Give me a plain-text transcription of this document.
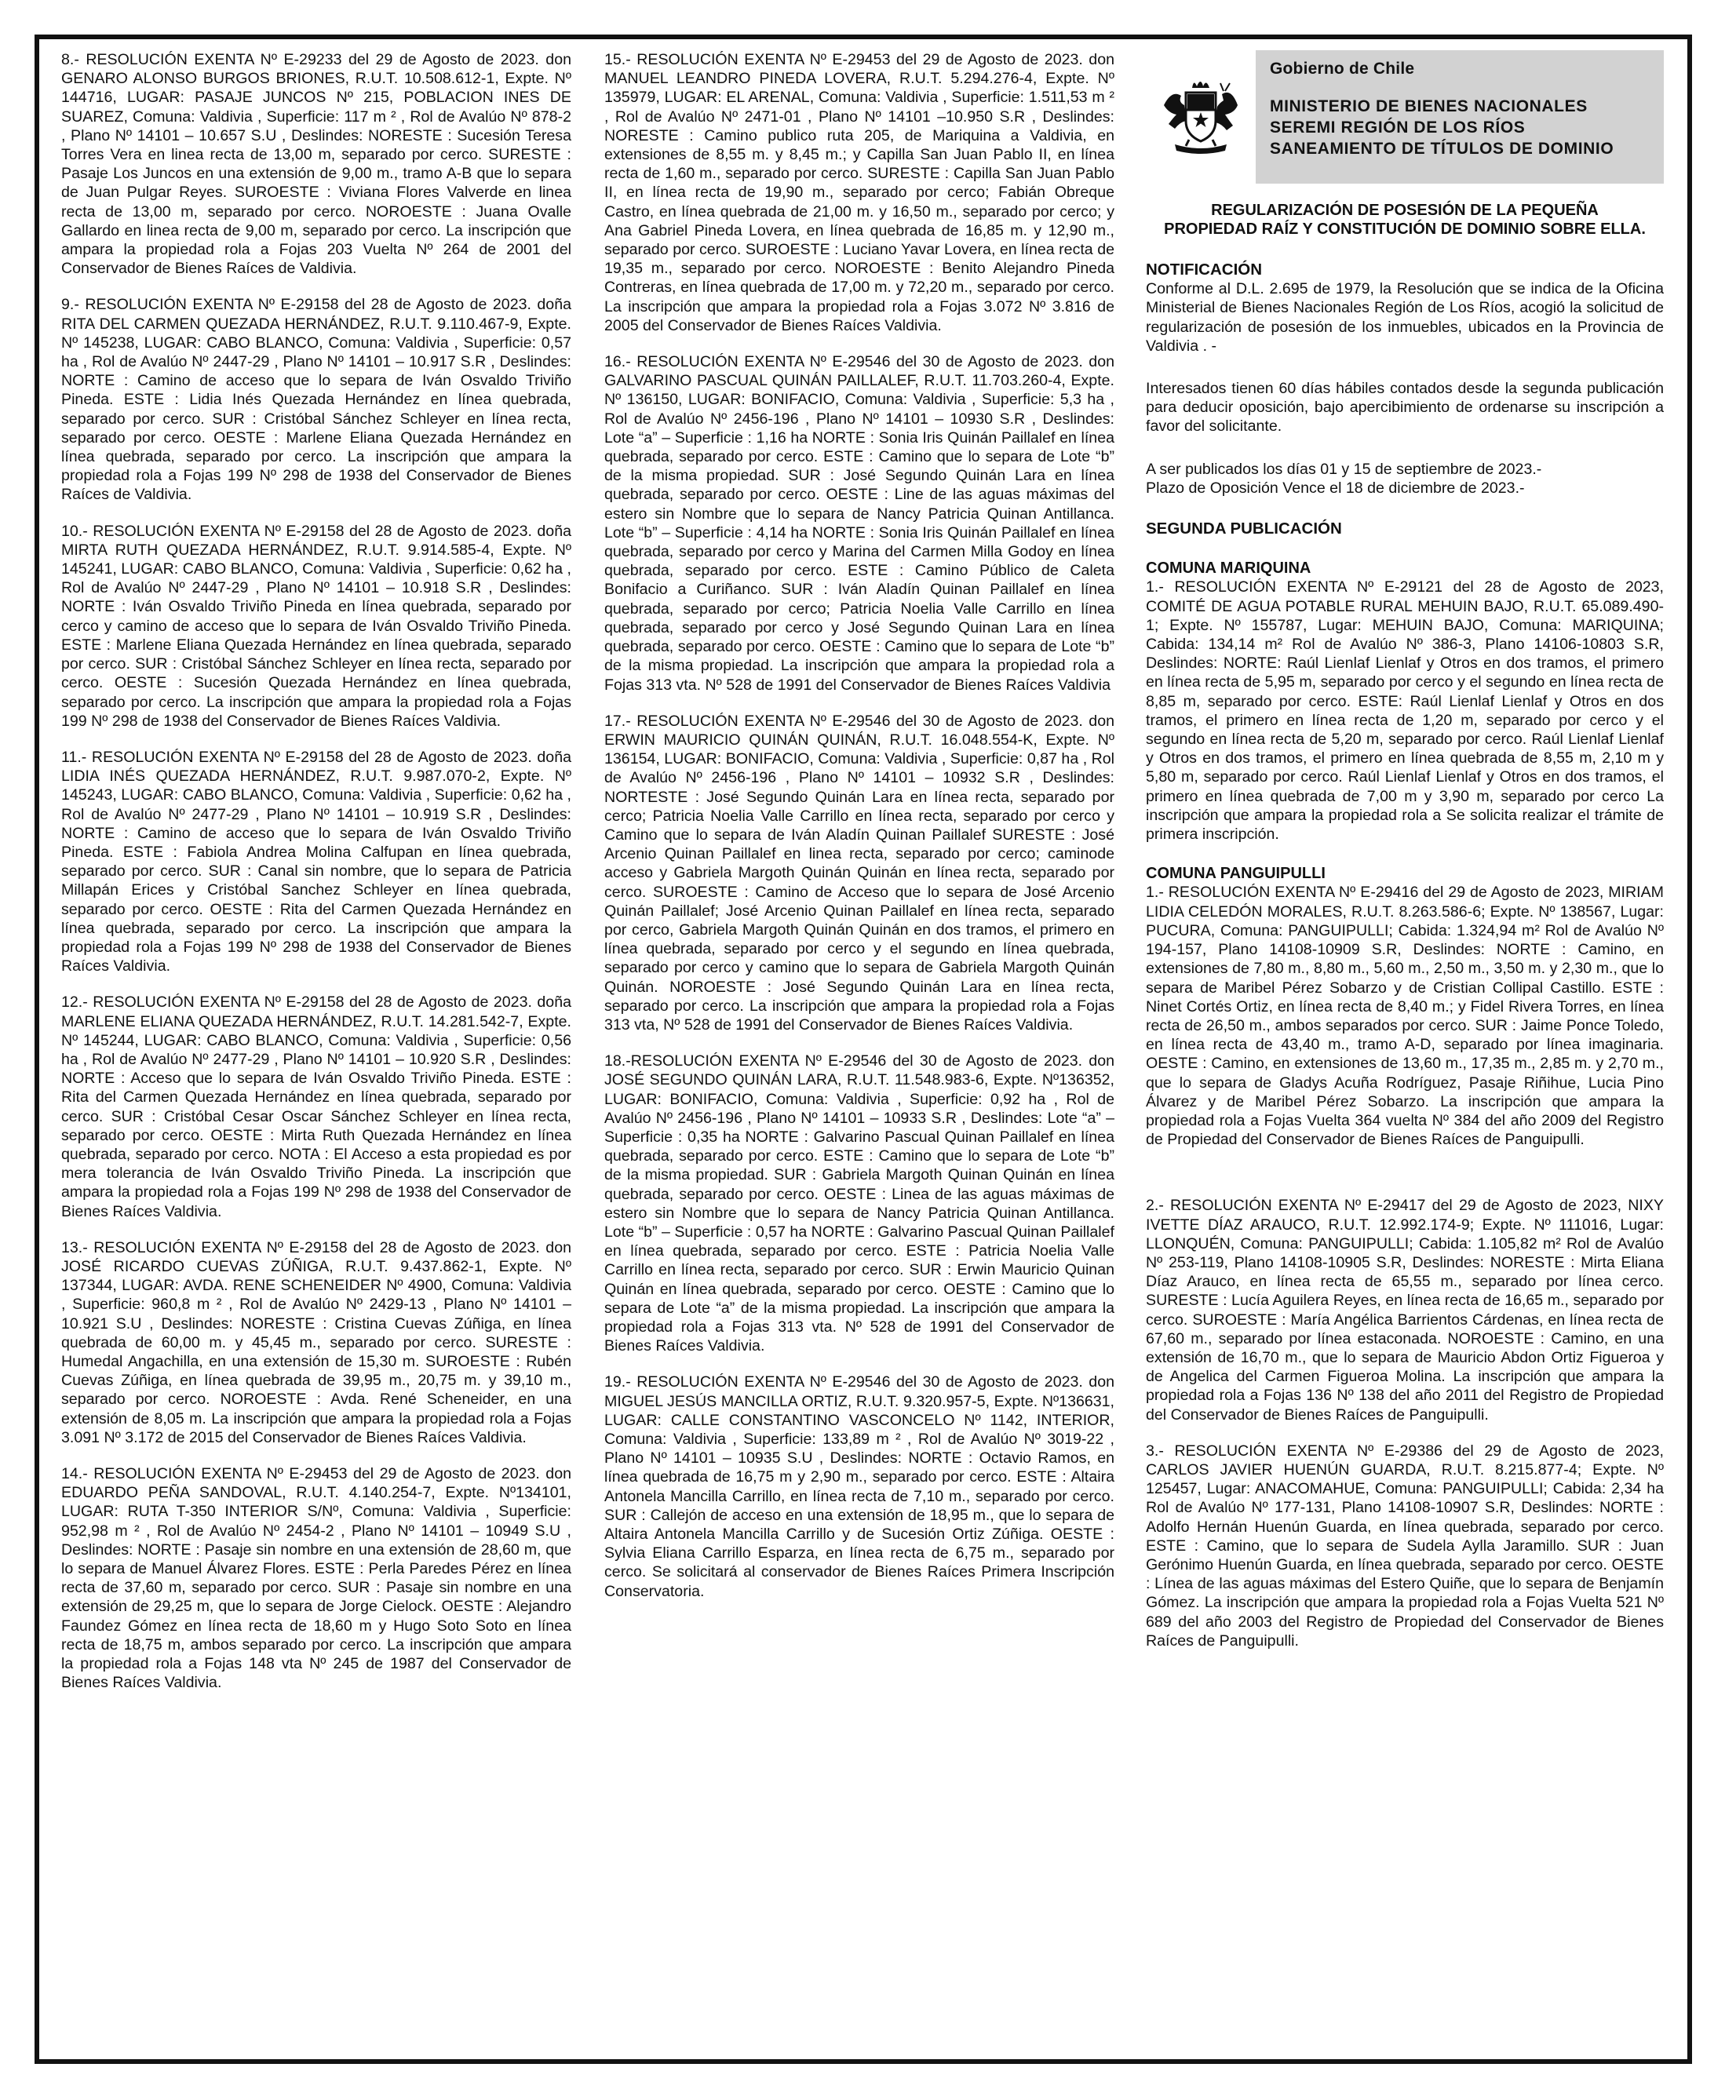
8.- RESOLUCIÓN EXENTA Nº E-29233 del 29 de Agosto de 2023. don GENARO ALONSO BURGOS BRIONES, R.U.T. 10.508.612-1, Expte. Nº 144716, LUGAR: PASAJE JUNCOS Nº 215, POBLACION INES DE SUAREZ, Comuna: Valdivia , Superficie: 117 m ² , Rol de Avalúo Nº 878-2 , Plano Nº 14101 – 10.657 S.U , Deslindes: NORESTE : Sucesión Teresa Torres Vera en linea recta de 13,00 m, separado por cerco. SURESTE : Pasaje Los Juncos en una extensión de 9,00 m., tramo A-B que lo separa de Juan Pulgar Reyes. SUROESTE : Viviana Flores Valverde en linea recta de 13,00 m, separado por cerco. NOROESTE : Juana Ovalle Gallardo en linea recta de 9,00 m, separado por cerco. La inscripción que ampara la propiedad rola a Fojas 203 Vuelta Nº 264 de 2001 del Conservador de Bienes Raíces de Valdivia.

9.- RESOLUCIÓN EXENTA Nº E-29158 del 28 de Agosto de 2023. doña RITA DEL CARMEN QUEZADA HERNÁNDEZ, R.U.T. 9.110.467-9, Expte. Nº 145238, LUGAR: CABO BLANCO, Comuna: Valdivia , Superficie: 0,57 ha , Rol de Avalúo Nº 2447-29 , Plano Nº 14101 – 10.917 S.R , Deslindes: NORTE : Camino de acceso que lo separa de Iván Osvaldo Triviño Pineda. ESTE : Lidia Inés Quezada Hernández en línea quebrada, separado por cerco. SUR : Cristóbal Sánchez Schleyer en línea recta, separado por cerco. OESTE : Marlene Eliana Quezada Hernández en línea quebrada, separado por cerco. La inscripción que ampara la propiedad rola a Fojas 199 Nº 298 de 1938 del Conservador de Bienes Raíces de Valdivia.

10.- RESOLUCIÓN EXENTA Nº E-29158 del 28 de Agosto de 2023. doña MIRTA RUTH QUEZADA HERNÁNDEZ, R.U.T. 9.914.585-4, Expte. Nº 145241, LUGAR: CABO BLANCO, Comuna: Valdivia , Superficie: 0,62 ha , Rol de Avalúo Nº 2447-29 , Plano Nº 14101 – 10.918 S.R , Deslindes: NORTE : Iván Osvaldo Triviño Pineda en línea quebrada, separado por cerco y camino de acceso que lo separa de Iván Osvaldo Triviño Pineda. ESTE : Marlene Eliana Quezada Hernández en línea quebrada, separado por cerco. SUR : Cristóbal Sánchez Schleyer en línea recta, separado por cerco. OESTE : Sucesión Quezada Hernández en línea quebrada, separado por cerco. La inscripción que ampara la propiedad rola a Fojas 199 Nº 298 de 1938 del Conservador de Bienes Raíces Valdivia.

11.- RESOLUCIÓN EXENTA Nº E-29158 del 28 de Agosto de 2023. doña LIDIA INÉS QUEZADA HERNÁNDEZ, R.U.T. 9.987.070-2, Expte. Nº 145243, LUGAR: CABO BLANCO, Comuna: Valdivia , Superficie: 0,62 ha , Rol de Avalúo Nº 2477-29 , Plano Nº 14101 – 10.919 S.R , Deslindes: NORTE : Camino de acceso que lo separa de Iván Osvaldo Triviño Pineda. ESTE : Fabiola Andrea Molina Calfupan en línea quebrada, separado por cerco. SUR : Canal sin nombre, que lo separa de Patricia Millapán Erices y Cristóbal Sanchez Schleyer en línea quebrada, separado por cerco. OESTE : Rita del Carmen Quezada Hernández en línea quebrada, separado por cerco. La inscripción que ampara la propiedad rola a Fojas 199 Nº 298 de 1938 del Conservador de Bienes Raíces Valdivia.

12.- RESOLUCIÓN EXENTA Nº E-29158 del 28 de Agosto de 2023. doña MARLENE ELIANA QUEZADA HERNÁNDEZ, R.U.T. 14.281.542-7, Expte. Nº 145244, LUGAR: CABO BLANCO, Comuna: Valdivia , Superficie: 0,56 ha , Rol de Avalúo Nº 2477-29 , Plano Nº 14101 – 10.920 S.R , Deslindes: NORTE : Acceso que lo separa de Iván Osvaldo Triviño Pineda. ESTE : Rita del Carmen Quezada Hernández en línea quebrada, separado por cerco. SUR : Cristóbal Cesar Oscar Sánchez Schleyer en línea recta, separado por cerco. OESTE : Mirta Ruth Quezada Hernández en línea quebrada, separado por cerco. NOTA : El Acceso a esta propiedad es por mera tolerancia de Iván Osvaldo Triviño Pineda. La inscripción que ampara la propiedad rola a Fojas 199 Nº 298 de 1938 del Conservador de Bienes Raíces Valdivia.

13.- RESOLUCIÓN EXENTA Nº E-29158 del 28 de Agosto de 2023. don JOSÉ RICARDO CUEVAS ZÚÑIGA, R.U.T. 9.437.862-1, Expte. Nº 137344, LUGAR: AVDA. RENE SCHENEIDER Nº 4900, Comuna: Valdivia , Superficie: 960,8 m ² , Rol de Avalúo Nº 2429-13 , Plano Nº 14101 – 10.921 S.U , Deslindes: NORESTE : Cristina Cuevas Zúñiga, en línea quebrada de 60,00 m. y 45,45 m., separado por cerco. SURESTE : Humedal Angachilla, en una extensión de 15,30 m. SUROESTE : Rubén Cuevas Zúñiga, en línea quebrada de 39,95 m., 20,75 m. y 39,10 m., separado por cerco. NOROESTE : Avda. René Scheneider, en una extensión de 8,05 m. La inscripción que ampara la propiedad rola a Fojas 3.091 Nº 3.172 de 2015 del Conservador de Bienes Raíces Valdivia.

14.- RESOLUCIÓN EXENTA Nº E-29453 del 29 de Agosto de 2023. don EDUARDO PEÑA SANDOVAL, R.U.T. 4.140.254-7, Expte. Nº134101, LUGAR: RUTA T-350 INTERIOR S/Nº, Comuna: Valdivia , Superficie: 952,98 m ² , Rol de Avalúo Nº 2454-2 , Plano Nº 14101 – 10949 S.U , Deslindes: NORTE : Pasaje sin nombre en una extensión de 28,60 m, que lo separa de Manuel Álvarez Flores. ESTE : Perla Paredes Pérez en línea recta de 37,60 m, separado por cerco. SUR : Pasaje sin nombre en una extensión de 29,25 m, que lo separa de Jorge Cielock. OESTE : Alejandro Faundez Gómez en línea recta de 18,60 m y Hugo Soto Soto en línea recta de 18,75 m, ambos separado por cerco. La inscripción que ampara la propiedad rola a Fojas 148 vta Nº 245 de 1987 del Conservador de Bienes Raíces Valdivia.

15.- RESOLUCIÓN EXENTA Nº E-29453 del 29 de Agosto de 2023. don MANUEL LEANDRO PINEDA LOVERA, R.U.T. 5.294.276-4, Expte. Nº 135979, LUGAR: EL ARENAL, Comuna: Valdivia , Superficie: 1.511,53 m ² , Rol de Avalúo Nº 2471-01 , Plano Nº 14101 –10.950 S.R , Deslindes: NORESTE : Camino publico ruta 205, de Mariquina a Valdivia, en extensiones de 8,55 m. y 8,45 m.; y Capilla San Juan Pablo II, en línea recta de 1,60 m., separado por cerco. SURESTE : Capilla San Juan Pablo II, en línea recta de 19,90 m., separado por cerco; Fabián Obreque Castro, en línea quebrada de 21,00 m. y 16,50 m., separado por cerco; y Ana Gabriel Pineda Lovera, en línea quebrada de 16,85 m. y 12,90 m., separado por cerco. SUROESTE : Luciano Yavar Lovera, en línea recta de 19,35 m., separado por cerco. NOROESTE : Benito Alejandro Pineda Contreras, en línea quebrada de 17,00 m. y 72,20 m., separado por cerco. La inscripción que ampara la propiedad rola a Fojas 3.072 Nº 3.816 de 2005 del Conservador de Bienes Raíces Valdivia.

16.- RESOLUCIÓN EXENTA Nº E-29546 del 30 de Agosto de 2023. don GALVARINO PASCUAL QUINÁN PAILLALEF, R.U.T. 11.703.260-4, Expte. Nº 136150, LUGAR: BONIFACIO, Comuna: Valdivia , Superficie: 5,3 ha , Rol de Avalúo Nº 2456-196 , Plano Nº 14101 – 10930 S.R , Deslindes: Lote “a” – Superficie : 1,16 ha NORTE : Sonia Iris Quinán Paillalef en línea quebrada, separado por cerco. ESTE : Camino que lo separa de Lote “b” de la misma propiedad. SUR : José Segundo Quinán Lara en línea quebrada, separado por cerco. OESTE : Line de las aguas máximas del estero sin Nombre que lo separa de Nancy Patricia Quinan Antillanca. Lote “b” – Superficie : 4,14 ha NORTE : Sonia Iris Quinán Paillalef en línea quebrada, separado por cerco y Marina del Carmen Milla Godoy en línea quebrada, separado por cerco. ESTE : Camino Público de Caleta Bonifacio a Curiñanco. SUR : Iván Aladín Quinan Paillalef en línea quebrada, separado por cerco; Patricia Noelia Valle Carrillo en línea quebrada, separado por cerco y José Segundo Quinan Lara en línea quebrada, separado por cerco. OESTE : Camino que lo separa de Lote “b” de la misma propiedad. La inscripción que ampara la propiedad rola a Fojas 313 vta. Nº 528 de 1991 del Conservador de Bienes Raíces Valdivia

17.- RESOLUCIÓN EXENTA Nº E-29546 del 30 de Agosto de 2023. don ERWIN MAURICIO QUINÁN QUINÁN, R.U.T. 16.048.554-K, Expte. Nº 136154, LUGAR: BONIFACIO, Comuna: Valdivia , Superficie: 0,87 ha , Rol de Avalúo Nº 2456-196 , Plano Nº 14101 – 10932 S.R , Deslindes: NORTESTE : José Segundo Quinán Lara en línea recta, separado por cerco; Patricia Noelia Valle Carrillo en línea recta, separado por cerco y Camino que lo separa de Iván Aladín Quinan Paillalef SURESTE : José Arcenio Quinan Paillalef en linea recta, separado por cerco; caminode acceso y Gabriela Margoth Quinán Quinán en línea recta, separado por cerco. SUROESTE : Camino de Acceso que lo separa de José Arcenio Quinán Paillalef; José Arcenio Quinan Paillalef en línea recta, separado por cerco, Gabriela Margoth Quinán Quinán en dos tramos, el primero en línea quebrada, separado por cerco y el segundo en línea quebrada, separado por cerco y camino que lo separa de Gabriela Margoth Quinán Quinán. NOROESTE : José Segundo Quinán Lara en línea recta, separado por cerco. La inscripción que ampara la propiedad rola a Fojas 313 vta, Nº 528 de 1991 del Conservador de Bienes Raíces Valdivia.

18.-RESOLUCIÓN EXENTA Nº E-29546 del 30 de Agosto de 2023. don JOSÉ SEGUNDO QUINÁN LARA, R.U.T. 11.548.983-6, Expte. Nº136352, LUGAR: BONIFACIO, Comuna: Valdivia , Superficie: 0,92 ha , Rol de Avalúo Nº 2456-196 , Plano Nº 14101 – 10933 S.R , Deslindes: Lote “a” – Superficie : 0,35 ha NORTE : Galvarino Pascual Quinan Paillalef en línea quebrada, separado por cerco. ESTE : Camino que lo separa de Lote “b” de la misma propiedad. SUR : Gabriela Margoth Quinan Quinán en línea quebrada, separado por cerco. OESTE : Linea de las aguas máximas de estero sin Nombre que lo separa de Nancy Patricia Quinan Antillanca. Lote “b” – Superficie : 0,57 ha NORTE : Galvarino Pascual Quinan Paillalef en línea quebrada, separado por cerco. ESTE : Patricia Noelia Valle Carrillo en línea recta, separado por cerco. SUR : Erwin Mauricio Quinan Quinán en línea quebrada, separado por cerco. OESTE : Camino que lo separa de Lote “a” de la misma propiedad. La inscripción que ampara la propiedad rola a Fojas 313 vta. Nº 528 de 1991 del Conservador de Bienes Raíces Valdivia.

19.- RESOLUCIÓN EXENTA Nº E-29546 del 30 de Agosto de 2023. don MIGUEL JESÚS MANCILLA ORTIZ, R.U.T. 9.320.957-5, Expte. Nº136631, LUGAR: CALLE CONSTANTINO VASCONCELO Nº 1142, INTERIOR, Comuna: Valdivia , Superficie: 133,89 m ² , Rol de Avalúo Nº 3019-22 , Plano Nº 14101 – 10935 S.U , Deslindes: NORTE : Octavio Ramos, en línea quebrada de 16,75 m y 2,90 m., separado por cerco. ESTE : Altaira Antonela Mancilla Carrillo, en línea recta de 7,10 m., separado por cerco. SUR : Callejón de acceso en una extensión de 18,95 m., que lo separa de Altaira Antonela Mancilla Carrillo y de Sucesión Ortiz Zúñiga. OESTE : Sylvia Eliana Carrillo Esparza, en línea recta de 6,75 m., separado por cerco. Se solicitará al conservador de Bienes Raíces Primera Inscripción Conservatoria.

Gobierno de Chile
MINISTERIO DE BIENES NACIONALES
SEREMI REGIÓN DE LOS RÍOS
SANEAMIENTO DE TÍTULOS DE DOMINIO
REGULARIZACIÓN DE POSESIÓN DE LA PEQUEÑA
PROPIEDAD RAÍZ Y CONSTITUCIÓN DE DOMINIO SOBRE ELLA.

NOTIFICACIÓN

Conforme al D.L. 2.695 de 1979, la Resolución que se indica de la Oficina Ministerial de Bienes Nacionales Región de Los Ríos, acogió la solicitud de regularización de posesión de los inmuebles, ubicados en la Provincia de Valdivia . -

Interesados tienen 60 días hábiles contados desde la segunda publicación para deducir oposición, bajo apercibimiento de ordenarse su inscripción a favor del solicitante.

A ser publicados los días 01 y 15 de septiembre de 2023.-
Plazo de Oposición Vence el 18 de diciembre de 2023.-

SEGUNDA PUBLICACIÓN

COMUNA MARIQUINA

1.- RESOLUCIÓN EXENTA Nº E-29121 del 28 de Agosto de 2023, COMITÉ DE AGUA POTABLE RURAL MEHUIN BAJO, R.U.T. 65.089.490-1; Expte. Nº 155787, Lugar: MEHUIN BAJO, Comuna: MARIQUINA; Cabida: 134,14 m² Rol de Avalúo Nº 386-3, Plano 14106-10803 S.R, Deslindes: NORTE: Raúl Lienlaf Lienlaf y Otros en dos tramos, el primero en línea recta de 5,95 m, separado por cerco y el segundo en línea recta de 8,85 m, separado por cerco. ESTE: Raúl Lienlaf Lienlaf y Otros en dos tramos, el primero en línea recta de 1,20 m, separado por cerco y el segundo en línea recta de 5,20 m, separado por cerco. Raúl Lienlaf Lienlaf y Otros en dos tramos, el primero en línea quebrada de 8,55 m, 2,10 m y 5,80 m, separado por cerco. Raúl Lienlaf Lienlaf y Otros en dos tramos, el primero en línea quebrada de 7,00 m y 3,90 m, separado por cerco La inscripción que ampara la propiedad rola a Se solicita realizar el trámite de primera inscripción.

COMUNA PANGUIPULLI

1.- RESOLUCIÓN EXENTA Nº E-29416 del 29 de Agosto de 2023, MIRIAM LIDIA CELEDÓN MORALES, R.U.T. 8.263.586-6; Expte. Nº 138567, Lugar: PUCURA, Comuna: PANGUIPULLI; Cabida: 1.324,94 m² Rol de Avalúo Nº 194-157, Plano 14108-10909 S.R, Deslindes: NORTE : Camino, en extensiones de 7,80 m., 8,80 m., 5,60 m., 2,50 m., 3,50 m. y 2,30 m., que lo separa de Maribel Pérez Sobarzo y de Cristian Collipal Castillo. ESTE : Ninet Cortés Ortiz, en línea recta de 8,40 m.; y Fidel Rivera Torres, en línea recta de 26,50 m., ambos separados por cerco. SUR : Jaime Ponce Toledo, en línea recta de 43,40 m., tramo A-D, separado por línea imaginaria. OESTE : Camino, en extensiones de 13,60 m., 17,35 m., 2,85 m. y 2,70 m., que lo separa de Gladys Acuña Rodríguez, Pasaje Riñihue, Lucia Pino Álvarez y de Maribel Pérez Sobarzo. La inscripción que ampara la propiedad rola a Fojas Vuelta 364 vuelta Nº 384 del año 2009 del Registro de Propiedad del Conservador de Bienes Raíces de Panguipulli.

2.- RESOLUCIÓN EXENTA Nº E-29417 del 29 de Agosto de 2023, NIXY IVETTE DÍAZ ARAUCO, R.U.T. 12.992.174-9; Expte. Nº 111016, Lugar: LLONQUÉN, Comuna: PANGUIPULLI; Cabida: 1.105,82 m² Rol de Avalúo Nº 253-119, Plano 14108-10905 S.R, Deslindes: NORESTE : Mirta Eliana Díaz Arauco, en línea recta de 65,55 m., separado por línea cerco. SURESTE : Lucía Aguilera Reyes, en línea recta de 16,65 m., separado por cerco. SUROESTE : María Angélica Barrientos Cárdenas, en línea recta de 67,60 m., separado por línea estaconada. NOROESTE : Camino, en una extensión de 16,70 m., que lo separa de Mauricio Abdon Ortiz Figueroa y de Angelica del Carmen Figueroa Molina. La inscripción que ampara la propiedad rola a Fojas 136 Nº 138 del año 2011 del Registro de Propiedad del Conservador de Bienes Raíces de Panguipulli.

3.- RESOLUCIÓN EXENTA Nº E-29386 del 29 de Agosto de 2023, CARLOS JAVIER HUENÚN GUARDA, R.U.T. 8.215.877-4; Expte. Nº 125457, Lugar: ANACOMAHUE, Comuna: PANGUIPULLI; Cabida: 2,34 ha Rol de Avalúo Nº 177-131, Plano 14108-10907 S.R, Deslindes: NORTE : Adolfo Hernán Huenún Guarda, en línea quebrada, separado por cerco. ESTE : Camino, que lo separa de Sudela Aylla Jaramillo. SUR : Juan Gerónimo Huenún Guarda, en línea quebrada, separado por cerco. OESTE : Línea de las aguas máximas del Estero Quiñe, que lo separa de Benjamín Gómez. La inscripción que ampara la propiedad rola a Fojas Vuelta 521 Nº 689 del año 2003 del Registro de Propiedad del Conservador de Bienes Raíces de Panguipulli.
